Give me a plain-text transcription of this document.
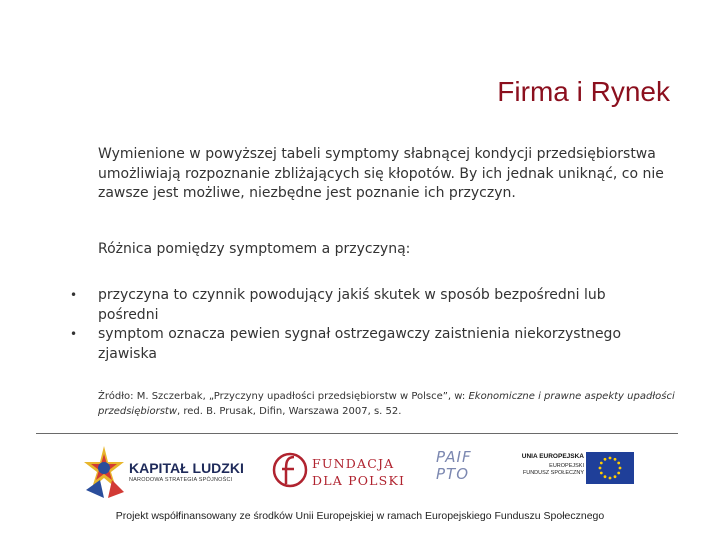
Firma i Rynek

Wymienione w powyższej tabeli symptomy słabnącej kondycji przedsiębiorstwa umożliwiają rozpoznanie zbliżających się kłopotów. By ich jednak uniknąć, co nie zawsze jest możliwe, niezbędne jest poznanie ich przyczyn.

Różnica pomiędzy symptomem a przyczyną:

• przyczyna to czynnik powodujący jakiś skutek w sposób bezpośredni lub pośredni
• symptom oznacza pewien sygnał ostrzegawczy zaistnienia niekorzystnego zjawiska

Źródło: M. Szczerbak, „Przyczyny upadłości przedsiębiorstw w Polsce”, w: Ekonomiczne i prawne aspekty upadłości przedsiębiorstw, red. B. Prusak, Difin, Warszawa 2007, s. 52.

KAPITAŁ LUDZKI
NARODOWA STRATEGIA SPÓJNOŚCI
FUNDACJA
DLA POLSKI
PAIF
PTO
UNIA EUROPEJSKA
EUROPEJSKI
FUNDUSZ SPOŁECZNY
Projekt współfinansowany ze środków Unii Europejskiej w ramach Europejskiego Funduszu Społecznego
